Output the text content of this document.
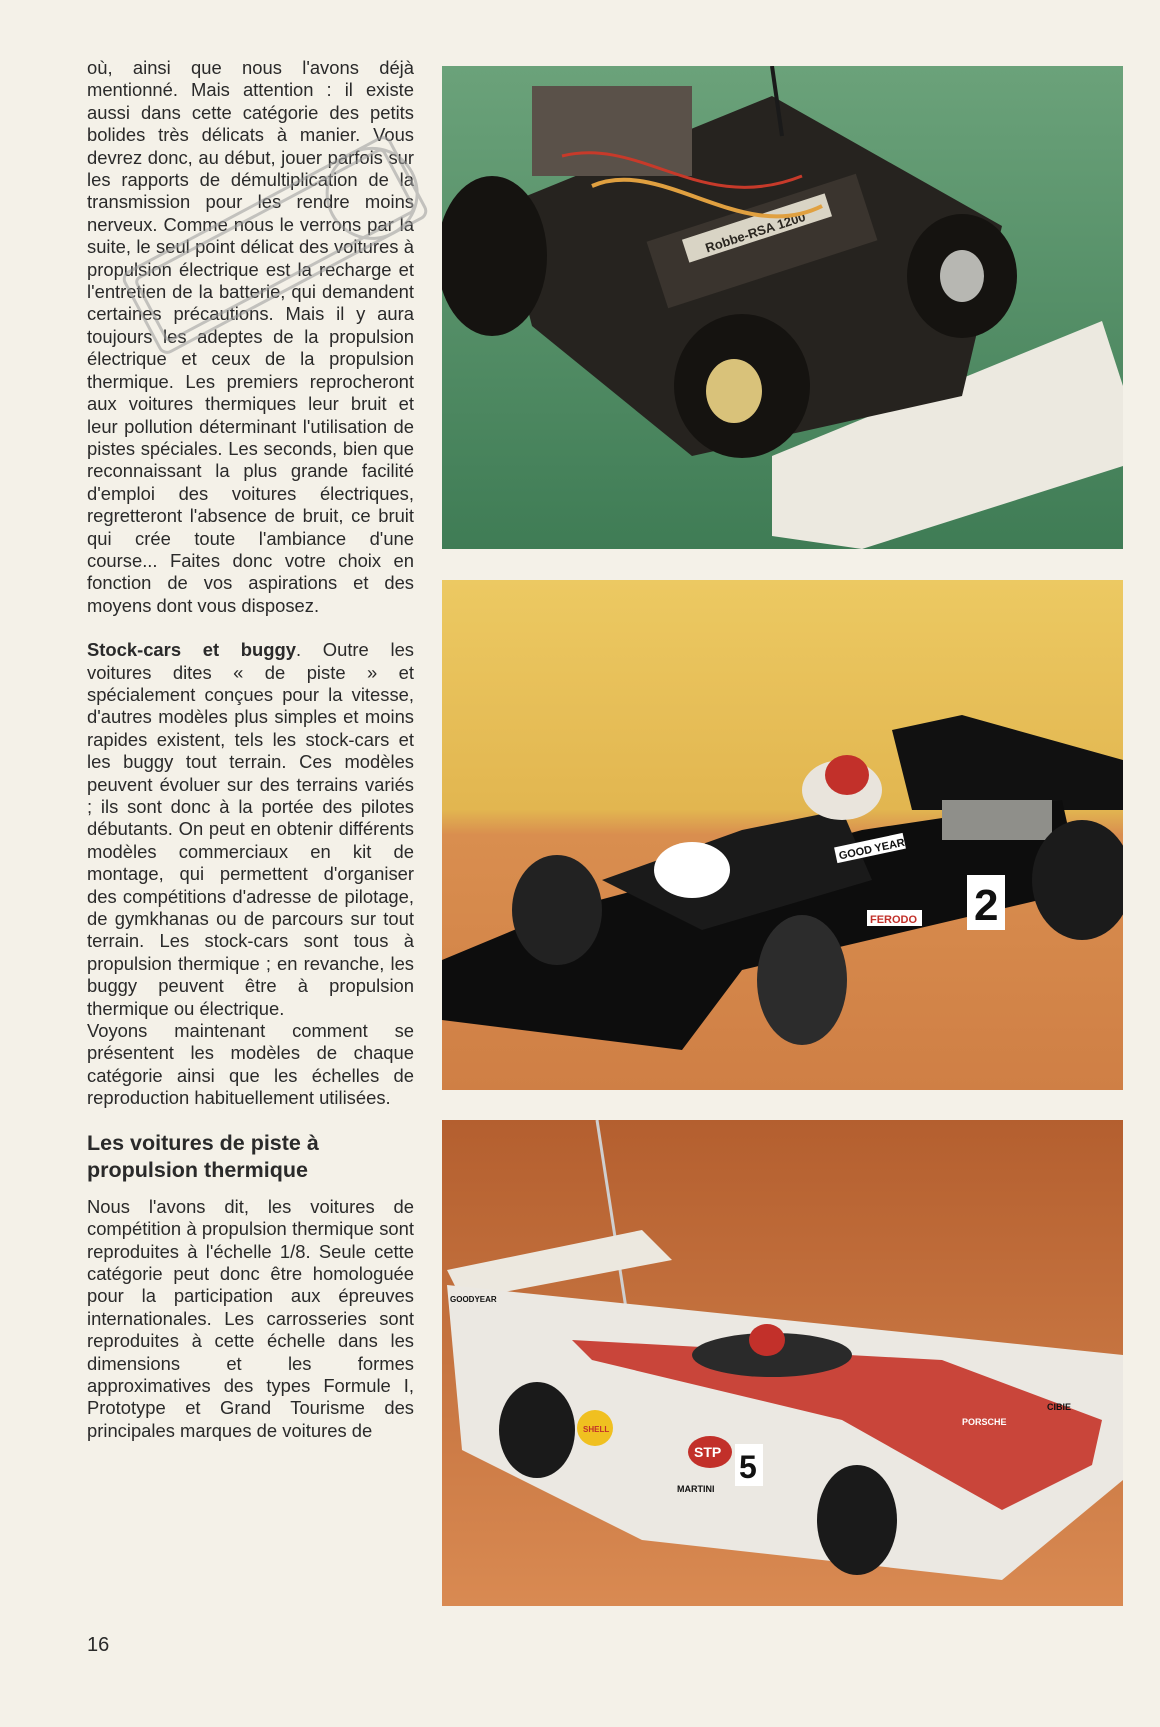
où, ainsi que nous l'avons déjà mentionné. Mais attention : il existe aussi dans cette catégorie des petits bolides très délicats à manier. Vous devrez donc, au début, jouer parfois sur les rapports de démultiplication de la transmission pour les rendre moins nerveux. Comme nous le verrons par la suite, le seul point délicat des voitures à propulsion électrique est la recharge et l'entretien de la batterie, qui demandent certaines précautions. Mais il y aura toujours les adeptes de la propulsion électrique et ceux de la propulsion thermique. Les premiers reprocheront aux voitures thermiques leur bruit et leur pollution déterminant l'utilisation de pistes spéciales. Les seconds, bien que reconnaissant la plus grande facilité d'emploi des voitures électriques, regretteront l'absence de bruit, ce bruit qui crée toute l'ambiance d'une course... Faites donc votre choix en fonction de vos aspirations et des moyens dont vous disposez.

Stock-cars et buggy. Outre les voitures dites « de piste » et spécialement conçues pour la vitesse, d'autres modèles plus simples et moins rapides existent, tels les stock-cars et les buggy tout terrain. Ces modèles peuvent évoluer sur des terrains variés ; ils sont donc à la portée des pilotes débutants. On peut en obtenir différents modèles commerciaux en kit de montage, qui permettent d'organiser des compétitions d'adresse de pilotage, de gymkhanas ou de parcours sur tout terrain. Les stock-cars sont tous à propulsion thermique ; en revanche, les buggy peuvent être à propulsion thermique ou électrique.

Voyons maintenant comment se présentent les modèles de chaque catégorie ainsi que les échelles de reproduction habituellement utilisées.

Les voitures de piste à propulsion thermique

Nous l'avons dit, les voitures de compétition à propulsion thermique sont reproduites à l'échelle 1/8. Seule cette catégorie peut donc être homologuée pour la participation aux épreuves internationales. Les carrosseries sont reproduites à cette échelle dans les dimensions et les formes approximatives des types Formule I, Prototype et Grand Tourisme des principales marques de voitures de

16
Robbe-RSA 1200
2
GOOD YEAR
FERODO
SHELL
STP 5
MARTINI
GOODYEAR
PORSCHE
CIBIE
